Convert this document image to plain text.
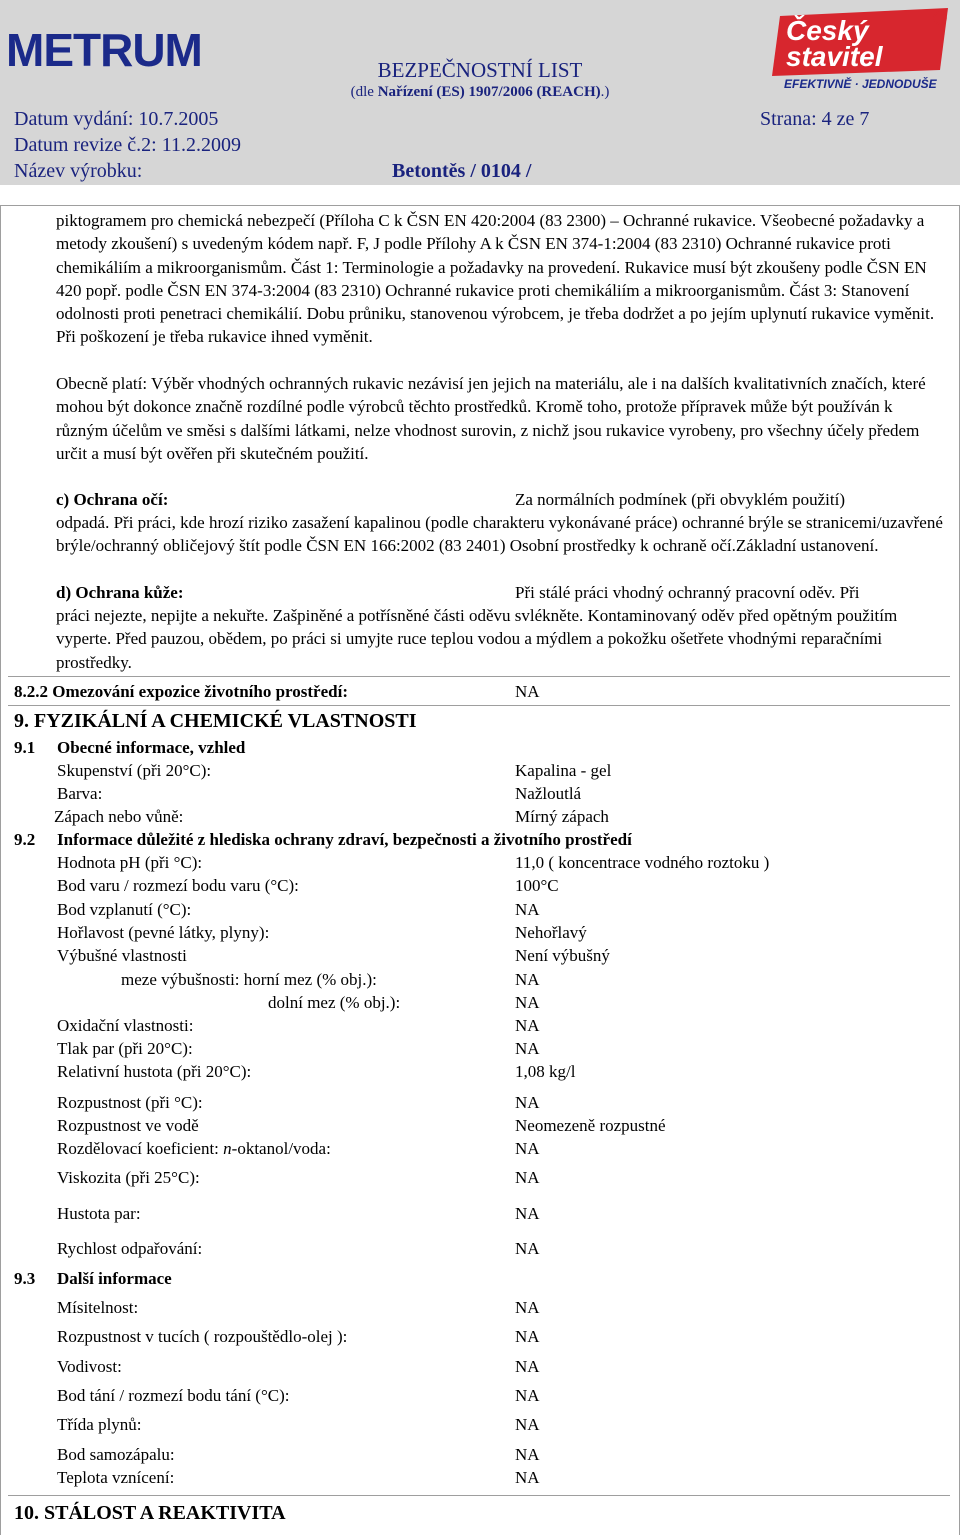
METRUM	Český
stavitel
EFEKTIVNĚ · JEDNODUŠE
BEZPEČNOSTNÍ LIST
(dle Nařízení (ES) 1907/2006 (REACH).)
Datum vydání: 10.7.2005	Strana: 4 ze 7
Datum revize č.2: 11.2.2009
Název výrobku:	Betontěs / 0104 /
piktogramem pro chemická nebezpečí (Příloha C k ČSN EN 420:2004 (83 2300) – Ochranné rukavice. Všeobecné požadavky a metody zkoušení) s uvedeným kódem např. F, J podle Přílohy A k ČSN EN 374-1:2004 (83 2310) Ochranné rukavice proti chemikáliím a mikroorganismům. Část 1: Terminologie a požadavky na provedení. Rukavice musí být zkoušeny podle ČSN EN 420 popř. podle ČSN EN 374-3:2004 (83 2310) Ochranné rukavice proti chemikáliím a mikroorganismům. Část 3: Stanovení odolnosti proti penetraci chemikálií. Dobu průniku, stanovenou výrobcem, je třeba dodržet a po jejím uplynutí rukavice vyměnit. Při poškození je třeba rukavice ihned vyměnit.
Obecně platí: Výběr vhodných ochranných rukavic nezávisí jen jejich na materiálu, ale i na dalších kvalitativních značích, které mohou být dokonce značně rozdílné podle výrobců těchto prostředků. Kromě toho, protože přípravek může být používán k různým účelům ve směsi s dalšími látkami, nelze vhodnost surovin, z nichž jsou rukavice vyrobeny, pro všechny účely předem určit a musí být ověřen při skutečném použití.
c) Ochrana očí:	Za normálních podmínek (při obvyklém použití)
odpadá. Při práci, kde hrozí riziko zasažení kapalinou (podle charakteru vykonávané práce) ochranné brýle se stranicemi/uzavřené brýle/ochranný obličejový štít podle ČSN EN 166:2002 (83 2401) Osobní prostředky k ochraně očí.Základní ustanovení.
d) Ochrana kůže:	Při stálé práci vhodný ochranný pracovní oděv. Při
práci nejezte, nepijte a nekuřte. Zašpiněné a potřísněné části oděvu svlékněte. Kontaminovaný oděv před opětným použitím vyperte. Před pauzou, obědem, po práci si umyjte ruce teplou vodou a mýdlem a pokožku ošetřete vhodnými reparačními prostředky.
8.2.2 Omezování expozice životního prostředí:	NA
9. FYZIKÁLNÍ A CHEMICKÉ VLASTNOSTI
9.1 Obecné informace, vzhled
Skupenství (při 20°C):	Kapalina - gel
Barva:	Nažloutlá
Zápach nebo vůně:	Mírný zápach
9.2 Informace důležité z hlediska ochrany zdraví, bezpečnosti a životního prostředí
Hodnota pH (při °C):	11,0 ( koncentrace vodného roztoku )
Bod varu / rozmezí bodu varu (°C):	100°C
Bod vzplanutí (°C):	NA
Hořlavost (pevné látky, plyny):	Nehořlavý
Výbušné vlastnosti	Není výbušný
meze výbušnosti: horní mez (% obj.):	NA
dolní mez (% obj.):	NA
Oxidační vlastnosti:	NA
Tlak par (při 20°C):	NA
Relativní hustota (při 20°C):	1,08 kg/l
Rozpustnost (při °C):	NA
Rozpustnost ve vodě	Neomezeně rozpustné
Rozdělovací koeficient: n-oktanol/voda:	NA
Viskozita (při 25°C):	NA
Hustota par:	NA
Rychlost odpařování:	NA
9.3 Další informace
Mísitelnost:	NA
Rozpustnost v tucích ( rozpouštědlo-olej ):	NA
Vodivost:	NA
Bod tání / rozmezí bodu tání (°C):	NA
Třída plynů:	NA
Bod samozápalu:	NA
Teplota vznícení:	NA
10. STÁLOST A REAKTIVITA
